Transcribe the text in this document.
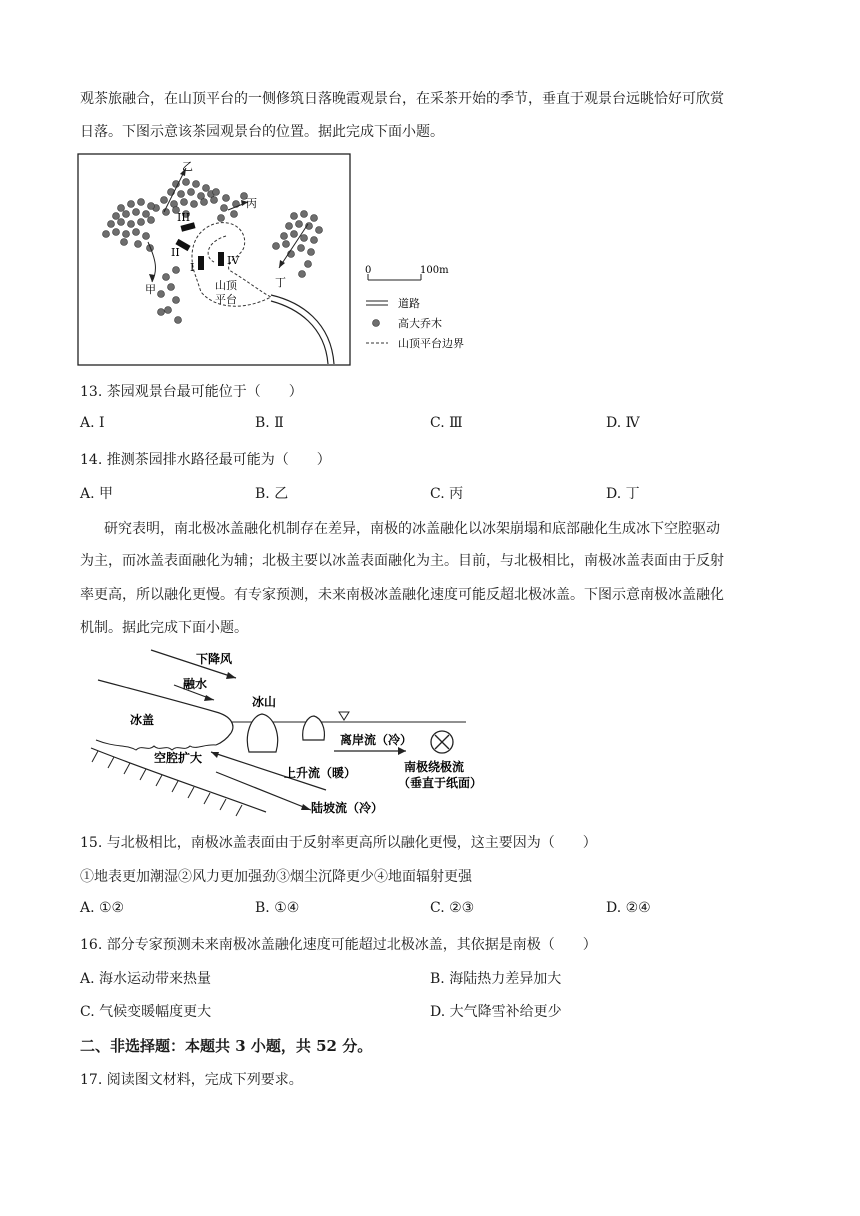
观茶旅融合，在山顶平台的一侧修筑日落晚霞观景台，在采茶开始的季节，垂直于观景台远眺恰好可欣赏
日落。下图示意该茶园观景台的位置。据此完成下面小题。
乙
丙
甲
丁
III
II
I
IV
山顶
平台
0	100m
道路
高大乔木
山顶平台边界
13. 茶园观景台最可能位于（　　）
A. Ⅰ	B. Ⅱ	C. Ⅲ	D. Ⅳ
14. 推测茶园排水路径最可能为（　　）
A. 甲	B. 乙	C. 丙	D. 丁
研究表明，南北极冰盖融化机制存在差异，南极的冰盖融化以冰架崩塌和底部融化生成冰下空腔驱动
为主，而冰盖表面融化为辅；北极主要以冰盖表面融化为主。目前，与北极相比，南极冰盖表面由于反射
率更高，所以融化更慢。有专家预测，未来南极冰盖融化速度可能反超北极冰盖。下图示意南极冰盖融化
机制。据此完成下面小题。
下降风
融水
冰山
冰盖
空腔扩大
离岸流（冷）
上升流（暖）
陆坡流（冷）
南极绕极流
（垂直于纸面）
15. 与北极相比，南极冰盖表面由于反射率更高所以融化更慢，这主要因为（　　）
①地表更加潮湿②风力更加强劲③烟尘沉降更少④地面辐射更强
A. ①②	B. ①④	C. ②③	D. ②④
16. 部分专家预测未来南极冰盖融化速度可能超过北极冰盖，其依据是南极（　　）
A. 海水运动带来热量	B. 海陆热力差异加大
C. 气候变暖幅度更大	D. 大气降雪补给更少
二、非选择题：本题共 3 小题，共 52 分。
17. 阅读图文材料，完成下列要求。
